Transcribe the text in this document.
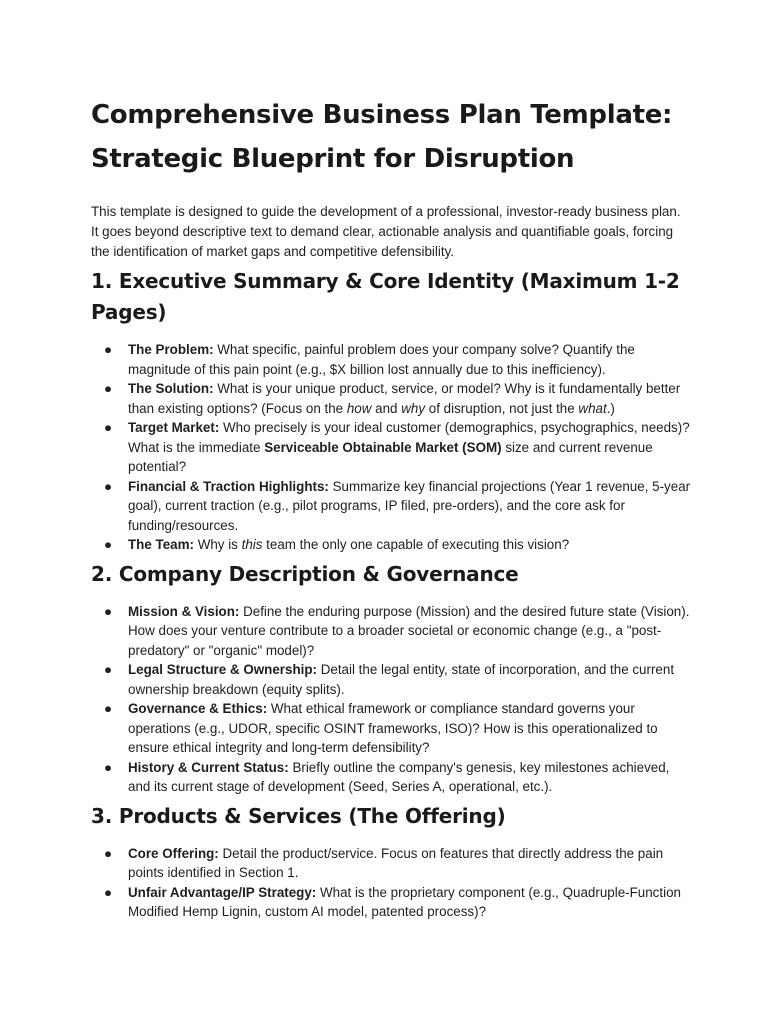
Comprehensive Business Plan Template:
Strategic Blueprint for Disruption

This template is designed to guide the development of a professional, investor-ready business plan. It goes beyond descriptive text to demand clear, actionable analysis and quantifiable goals, forcing the identification of market gaps and competitive defensibility.

1. Executive Summary & Core Identity (Maximum 1-2 Pages)
● The Problem: What specific, painful problem does your company solve? Quantify the magnitude of this pain point (e.g., $X billion lost annually due to this inefficiency).
● The Solution: What is your unique product, service, or model? Why is it fundamentally better than existing options? (Focus on the how and why of disruption, not just the what.)
● Target Market: Who precisely is your ideal customer (demographics, psychographics, needs)? What is the immediate Serviceable Obtainable Market (SOM) size and current revenue potential?
● Financial & Traction Highlights: Summarize key financial projections (Year 1 revenue, 5-year goal), current traction (e.g., pilot programs, IP filed, pre-orders), and the core ask for funding/resources.
● The Team: Why is this team the only one capable of executing this vision?
2. Company Description & Governance
● Mission & Vision: Define the enduring purpose (Mission) and the desired future state (Vision). How does your venture contribute to a broader societal or economic change (e.g., a "post-predatory" or "organic" model)?
● Legal Structure & Ownership: Detail the legal entity, state of incorporation, and the current ownership breakdown (equity splits).
● Governance & Ethics: What ethical framework or compliance standard governs your operations (e.g., UDOR, specific OSINT frameworks, ISO)? How is this operationalized to ensure ethical integrity and long-term defensibility?
● History & Current Status: Briefly outline the company's genesis, key milestones achieved, and its current stage of development (Seed, Series A, operational, etc.).
3. Products & Services (The Offering)
● Core Offering: Detail the product/service. Focus on features that directly address the pain points identified in Section 1.
● Unfair Advantage/IP Strategy: What is the proprietary component (e.g., Quadruple-Function Modified Hemp Lignin, custom AI model, patented process)?
